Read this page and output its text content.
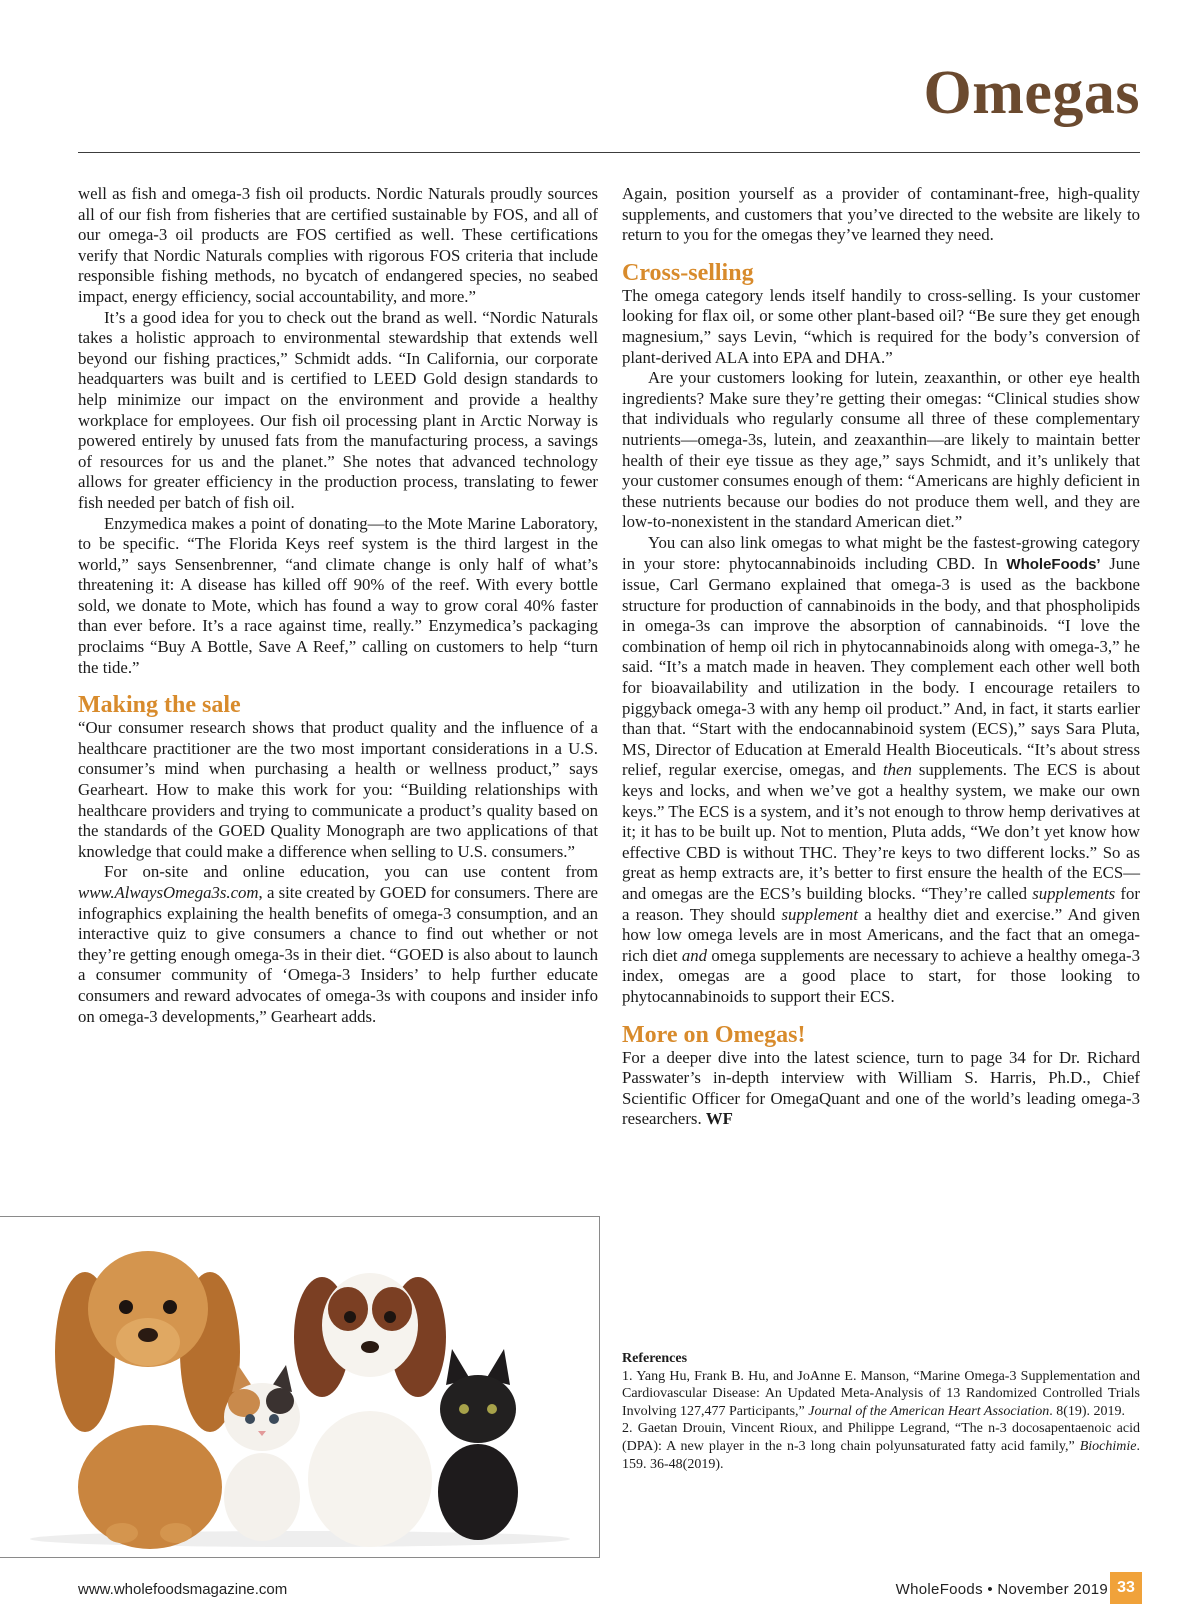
Omegas

well as fish and omega-3 fish oil products. Nordic Naturals proudly sources all of our fish from fisheries that are certified sustainable by FOS, and all of our omega-3 oil products are FOS certified as well. These certifications verify that Nordic Naturals complies with rigorous FOS criteria that include responsible fishing methods, no bycatch of endangered species, no seabed impact, energy efficiency, social accountability, and more.”

It’s a good idea for you to check out the brand as well. “Nordic Naturals takes a holistic approach to environmental stewardship that extends well beyond our fishing practices,” Schmidt adds. “In California, our corporate headquarters was built and is certified to LEED Gold design standards to help minimize our impact on the environment and provide a healthy workplace for employees. Our fish oil processing plant in Arctic Norway is powered entirely by unused fats from the manufacturing process, a savings of resources for us and the planet.” She notes that advanced technology allows for greater efficiency in the production process, translating to fewer fish needed per batch of fish oil.

Enzymedica makes a point of donating—to the Mote Marine Laboratory, to be specific. “The Florida Keys reef system is the third largest in the world,” says Sensenbrenner, “and climate change is only half of what’s threatening it: A disease has killed off 90% of the reef. With every bottle sold, we donate to Mote, which has found a way to grow coral 40% faster than ever before. It’s a race against time, really.” Enzymedica’s packaging proclaims “Buy A Bottle, Save A Reef,” calling on customers to help “turn the tide.”

Making the sale

“Our consumer research shows that product quality and the influence of a healthcare practitioner are the two most important considerations in a U.S. consumer’s mind when purchasing a health or wellness product,” says Gearheart. How to make this work for you: “Building relationships with healthcare providers and trying to communicate a product’s quality based on the standards of the GOED Quality Monograph are two applications of that knowledge that could make a difference when selling to U.S. consumers.”

For on-site and online education, you can use content from www.AlwaysOmega3s.com, a site created by GOED for consumers. There are infographics explaining the health benefits of omega-3 consumption, and an interactive quiz to give consumers a chance to find out whether or not they’re getting enough omega-3s in their diet. “GOED is also about to launch a consumer community of ‘Omega-3 Insiders’ to help further educate consumers and reward advocates of omega-3s with coupons and insider info on omega-3 developments,” Gearheart adds.

Again, position yourself as a provider of contaminant-free, high-quality supplements, and customers that you’ve directed to the website are likely to return to you for the omegas they’ve learned they need.

Cross-selling

The omega category lends itself handily to cross-selling. Is your customer looking for flax oil, or some other plant-based oil? “Be sure they get enough magnesium,” says Levin, “which is required for the body’s conversion of plant-derived ALA into EPA and DHA.”

Are your customers looking for lutein, zeaxanthin, or other eye health ingredients? Make sure they’re getting their omegas: “Clinical studies show that individuals who regularly consume all three of these complementary nutrients—omega-3s, lutein, and zeaxanthin—are likely to maintain better health of their eye tissue as they age,” says Schmidt, and it’s unlikely that your customer consumes enough of them: “Americans are highly deficient in these nutrients because our bodies do not produce them well, and they are low-to-nonexistent in the standard American diet.”

You can also link omegas to what might be the fastest-growing category in your store: phytocannabinoids including CBD. In WholeFoods’ June issue, Carl Germano explained that omega-3 is used as the backbone structure for production of cannabinoids in the body, and that phospholipids in omega-3s can improve the absorption of cannabinoids. “I love the combination of hemp oil rich in phytocannabinoids along with omega-3,” he said. “It’s a match made in heaven. They complement each other well both for bioavailability and utilization in the body. I encourage retailers to piggyback omega-3 with any hemp oil product.” And, in fact, it starts earlier than that. “Start with the endocannabinoid system (ECS),” says Sara Pluta, MS, Director of Education at Emerald Health Bioceuticals. “It’s about stress relief, regular exercise, omegas, and then supplements. The ECS is about keys and locks, and when we’ve got a healthy system, we make our own keys.” The ECS is a system, and it’s not enough to throw hemp derivatives at it; it has to be built up. Not to mention, Pluta adds, “We don’t yet know how effective CBD is without THC. They’re keys to two different locks.” So as great as hemp extracts are, it’s better to first ensure the health of the ECS—and omegas are the ECS’s building blocks. “They’re called supplements for a reason. They should supplement a healthy diet and exercise.” And given how low omega levels are in most Americans, and the fact that an omega-rich diet and omega supplements are necessary to achieve a healthy omega-3 index, omegas are a good place to start, for those looking to phytocannabinoids to support their ECS.

More on Omegas!

For a deeper dive into the latest science, turn to page 34 for Dr. Richard Passwater’s in-depth interview with William S. Harris, Ph.D., Chief Scientific Officer for OmegaQuant and one of the world’s leading omega-3 researchers. WF

References

1. Yang Hu, Frank B. Hu, and JoAnne E. Manson, “Marine Omega-3 Supplementation and Cardiovascular Disease: An Updated Meta-Analysis of 13 Randomized Controlled Trials Involving 127,477 Participants,” Journal of the American Heart Association. 8(19). 2019.

2. Gaetan Drouin, Vincent Rioux, and Philippe Legrand, “The n-3 docosapentaenoic acid (DPA): A new player in the n-3 long chain polyunsaturated fatty acid family,” Biochimie. 159. 36-48(2019).

www.wholefoodsmagazine.com	WholeFoods • November 2019 33
